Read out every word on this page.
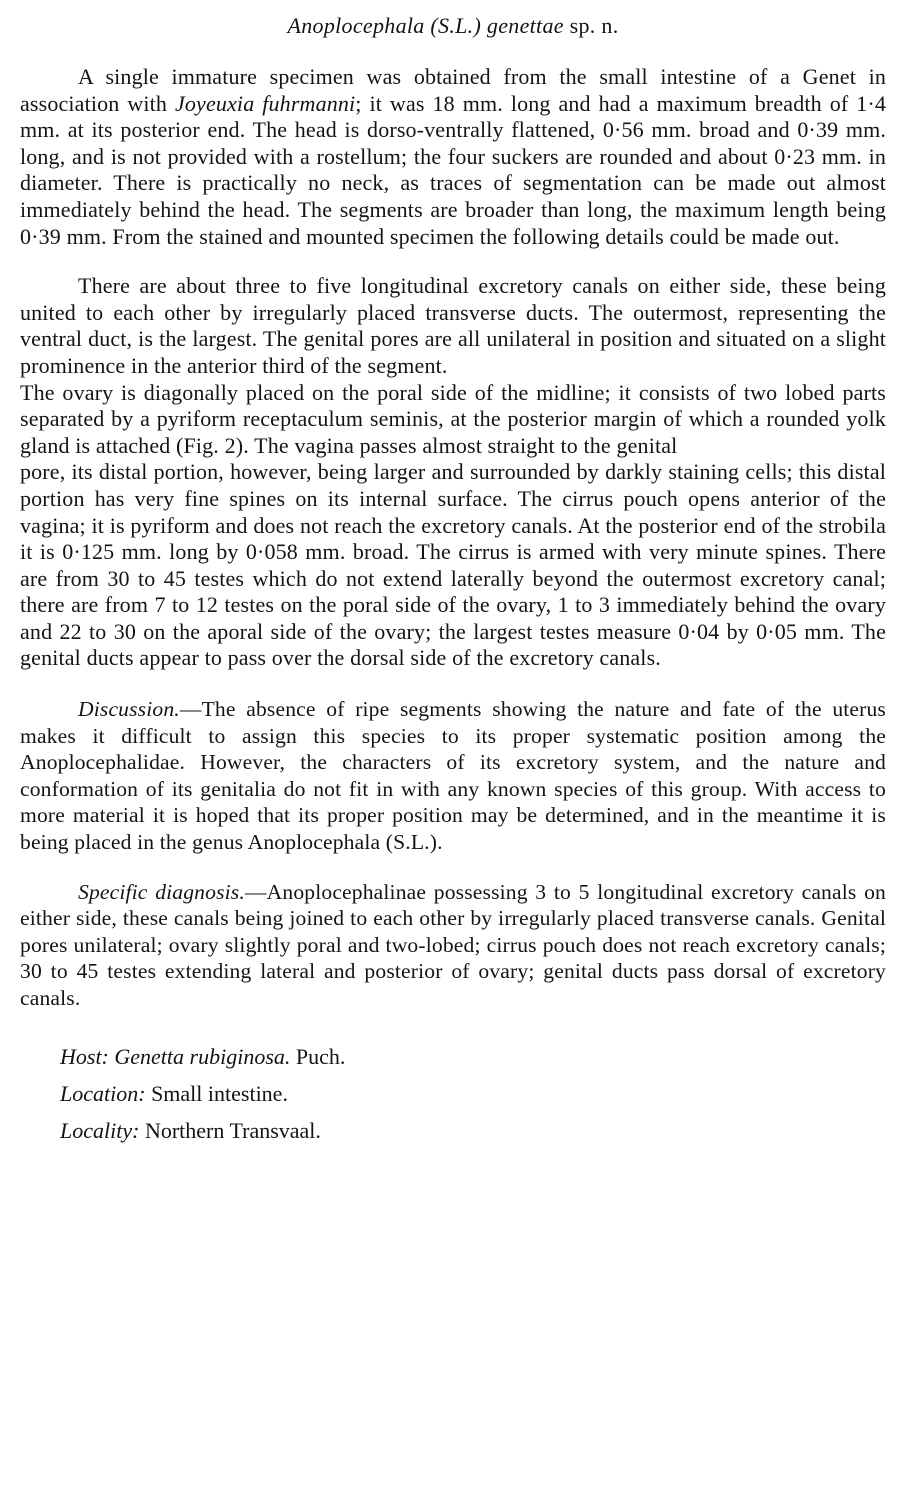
Anoplocephala (S.L.) genettae sp. n.

A single immature specimen was obtained from the small intestine of a Genet in association with Joyeuxia fuhrmanni; it was 18 mm. long and had a maximum breadth of 1·4 mm. at its posterior end. The head is dorso-ventrally flattened, 0·56 mm. broad and 0·39 mm. long, and is not provided with a rostellum; the four suckers are rounded and about 0·23 mm. in diameter. There is practically no neck, as traces of segmentation can be made out almost immediately behind the head. The segments are broader than long, the maximum length being 0·39 mm. From the stained and mounted specimen the following details could be made out.

There are about three to five longitudinal excretory canals on either side, these being united to each other by irregularly placed transverse ducts. The outermost, representing the ventral duct, is the largest. The genital pores are all unilateral in position and situated on a slight prominence in the anterior third of the segment.

The ovary is diagonally placed on the poral side of the midline; it consists of two lobed parts separated by a pyriform receptaculum seminis, at the posterior margin of which a rounded yolk gland is attached (Fig. 2). The vagina passes almost straight to the genital

pore, its distal portion, however, being larger and surrounded by darkly staining cells; this distal portion has very fine spines on its internal surface. The cirrus pouch opens anterior of the vagina; it is pyriform and does not reach the excretory canals. At the posterior end of the strobila it is 0·125 mm. long by 0·058 mm. broad. The cirrus is armed with very minute spines. There are from 30 to 45 testes which do not extend laterally beyond the outermost excretory canal; there are from 7 to 12 testes on the poral side of the ovary, 1 to 3 immediately behind the ovary and 22 to 30 on the aporal side of the ovary; the largest testes measure 0·04 by 0·05 mm. The genital ducts appear to pass over the dorsal side of the excretory canals.

Discussion.—The absence of ripe segments showing the nature and fate of the uterus makes it difficult to assign this species to its proper systematic position among the Anoplocephalidae. However, the characters of its excretory system, and the nature and conformation of its genitalia do not fit in with any known species of this group. With access to more material it is hoped that its proper position may be determined, and in the meantime it is being placed in the genus Anoplocephala (S.L.).

Specific diagnosis.—Anoplocephalinae possessing 3 to 5 longitudinal excretory canals on either side, these canals being joined to each other by irregularly placed transverse canals. Genital pores unilateral; ovary slightly poral and two-lobed; cirrus pouch does not reach excretory canals; 30 to 45 testes extending lateral and posterior of ovary; genital ducts pass dorsal of excretory canals.

Host: Genetta rubiginosa. Puch.
Location: Small intestine.
Locality: Northern Transvaal.
